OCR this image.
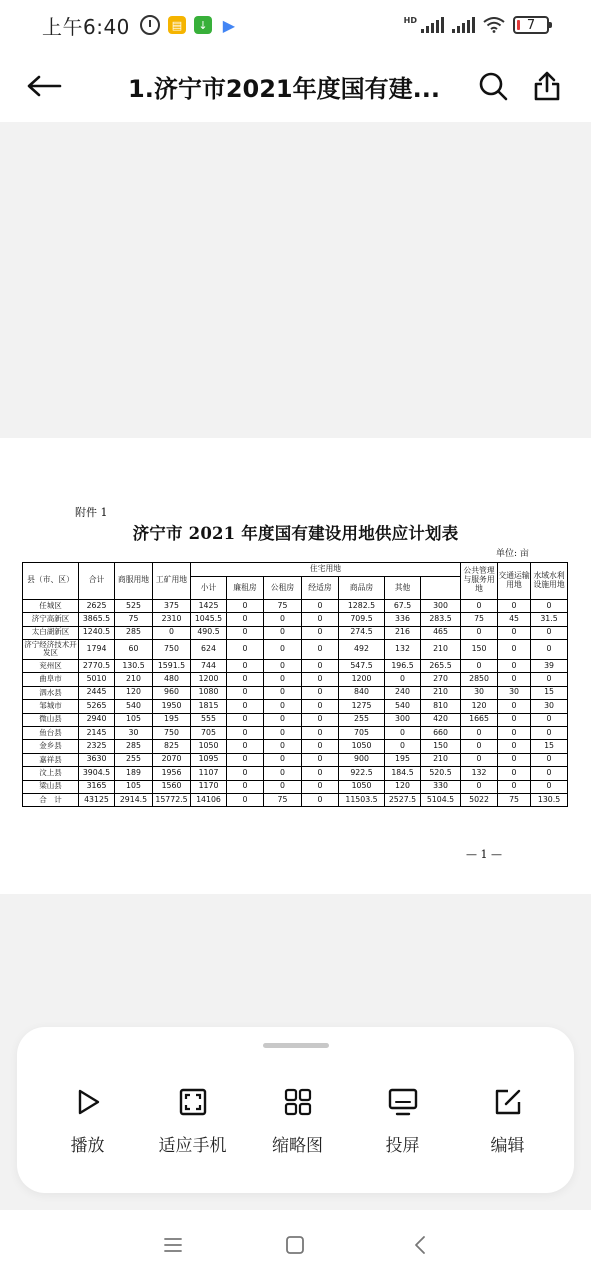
上午6:40	▤	↓ ▶	HD	7
1.济宁市2021年度国有建...
附件 1
济宁市 2021 年度国有建设用地供应计划表
单位: 亩
县（市、区）	合计	商服用地	工矿用地	住宅用地							公共管理与服务用地	交通运输用地	水域水利设施用地	
				小计	廉租房	公租房	经适房	商品房	其他					
任城区	2625	525	375	1425	0	75	0	1282.5	67.5	300	0	0	0	
济宁高新区	3865.5	75	2310	1045.5	0	0	0	709.5	336	283.5	75	45	31.5	
太白湖新区	1240.5	285	0	490.5	0	0	0	274.5	216	465	0	0	0	
济宁经济技术开发区	1794	60	750	624	0	0	0	492	132	210	150	0	0	
兖州区	2770.5	130.5	1591.5	744	0	0	0	547.5	196.5	265.5	0	0	39	
曲阜市	5010	210	480	1200	0	0	0	1200	0	270	2850	0	0	
泗水县	2445	120	960	1080	0	0	0	840	240	210	30	30	15	
邹城市	5265	540	1950	1815	0	0	0	1275	540	810	120	0	30	
微山县	2940	105	195	555	0	0	0	255	300	420	1665	0	0	
鱼台县	2145	30	750	705	0	0	0	705	0	660	0	0	0	
金乡县	2325	285	825	1050	0	0	0	1050	0	150	0	0	15	
嘉祥县	3630	255	2070	1095	0	0	0	900	195	210	0	0	0	
汶上县	3904.5	189	1956	1107	0	0	0	922.5	184.5	520.5	132	0	0	
梁山县	3165	105	1560	1170	0	0	0	1050	120	330	0	0	0	
合　计	43125	2914.5	15772.5	14106	0	75	0	11503.5	2527.5	5104.5	5022	75	130.5	
— 1 —
播放	适应手机	缩略图	投屏	编辑
